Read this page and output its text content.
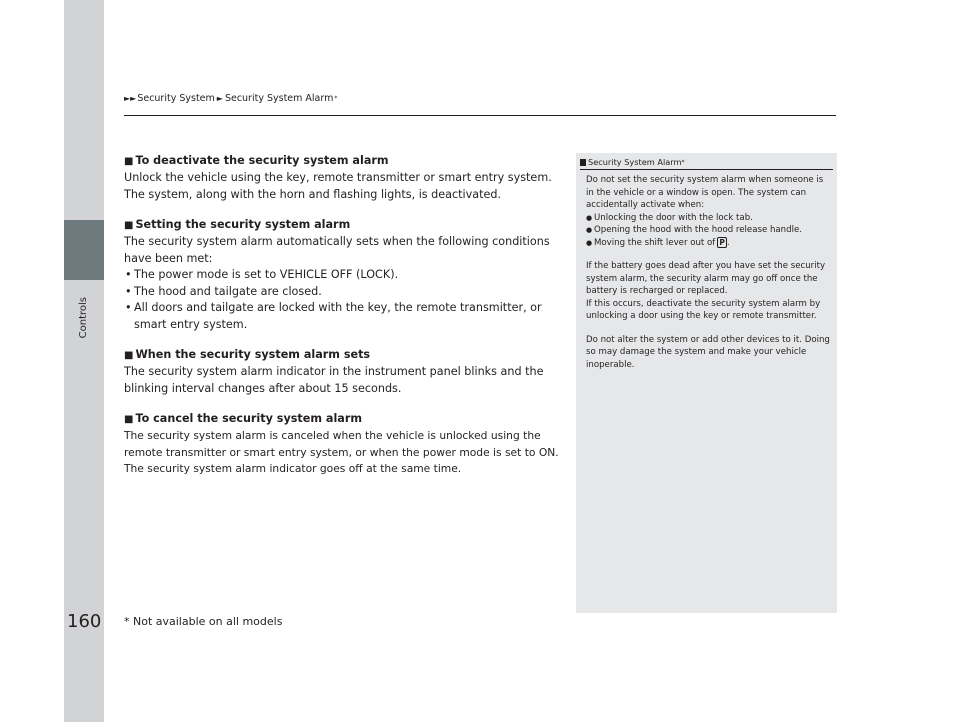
Controls
►► Security System ► Security System Alarm *

■ To deactivate the security system alarm

Unlock the vehicle using the key, remote transmitter or smart entry system. The system, along with the horn and flashing lights, is deactivated.

■ Setting the security system alarm

The security system alarm automatically sets when the following conditions have been met:

• The power mode is set to VEHICLE OFF (LOCK).
• The hood and tailgate are closed.
• All doors and tailgate are locked with the key, the remote transmitter, or smart entry system.

■ When the security system alarm sets

The security system alarm indicator in the instrument panel blinks and the blinking interval changes after about 15 seconds.

■ To cancel the security system alarm

The security system alarm is canceled when the vehicle is unlocked using the remote transmitter or smart entry system, or when the power mode is set to ON. The security system alarm indicator goes off at the same time.

Security System Alarm *

Do not set the security system alarm when someone is in the vehicle or a window is open. The system can accidentally activate when:

● Unlocking the door with the lock tab.
● Opening the hood with the hood release handle.
● Moving the shift lever out of P .

If the battery goes dead after you have set the security system alarm, the security alarm may go off once the battery is recharged or replaced.

If this occurs, deactivate the security system alarm by unlocking a door using the key or remote transmitter.

Do not alter the system or add other devices to it. Doing so may damage the system and make your vehicle inoperable.

160 * Not available on all models
